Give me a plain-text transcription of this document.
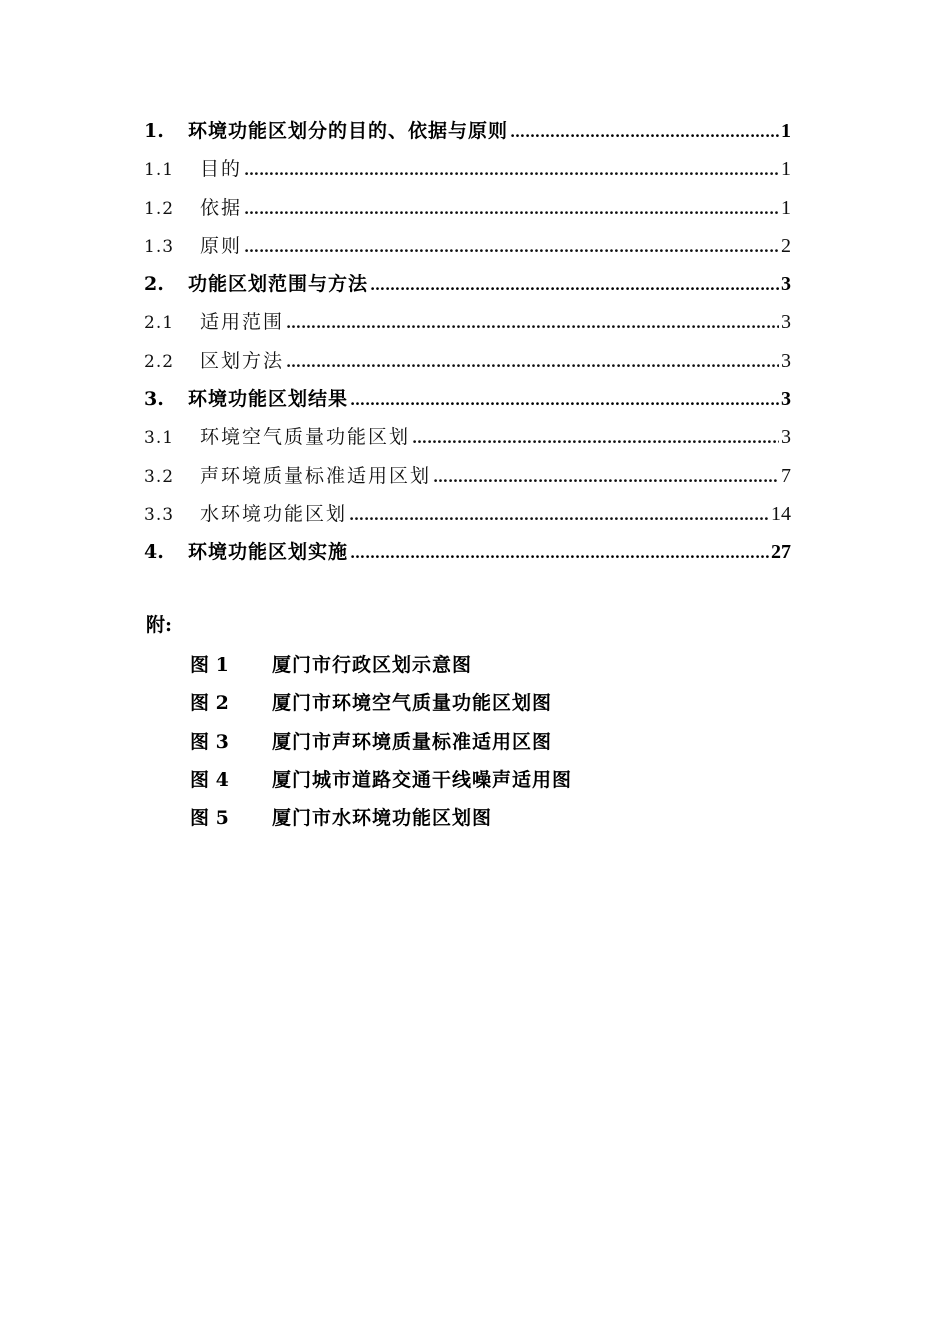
1.	环境功能区划分的目的、依据与原则 …………………………………………………………………………………………………………………………………………………………………	1
1.1	目的 …………………………………………………………………………………………………………………………………………………………………	1
1.2	依据 …………………………………………………………………………………………………………………………………………………………………	1
1.3	原则 …………………………………………………………………………………………………………………………………………………………………	2
2.	功能区划范围与方法 …………………………………………………………………………………………………………………………………………………………………	3
2.1	适用范围 …………………………………………………………………………………………………………………………………………………………………	3
2.2	区划方法 …………………………………………………………………………………………………………………………………………………………………	3
3.	环境功能区划结果 …………………………………………………………………………………………………………………………………………………………………	3
3.1	环境空气质量功能区划 …………………………………………………………………………………………………………………………………………………………………	3
3.2	声环境质量标准适用区划 …………………………………………………………………………………………………………………………………………………………………	7
3.3	水环境功能区划 …………………………………………………………………………………………………………………………………………………………………	14
4.	环境功能区划实施 …………………………………………………………………………………………………………………………………………………………………	27
附:
图 1	厦门市行政区划示意图
图 2	厦门市环境空气质量功能区划图
图 3	厦门市声环境质量标准适用区图
图 4	厦门城市道路交通干线噪声适用图
图 5	厦门市水环境功能区划图
